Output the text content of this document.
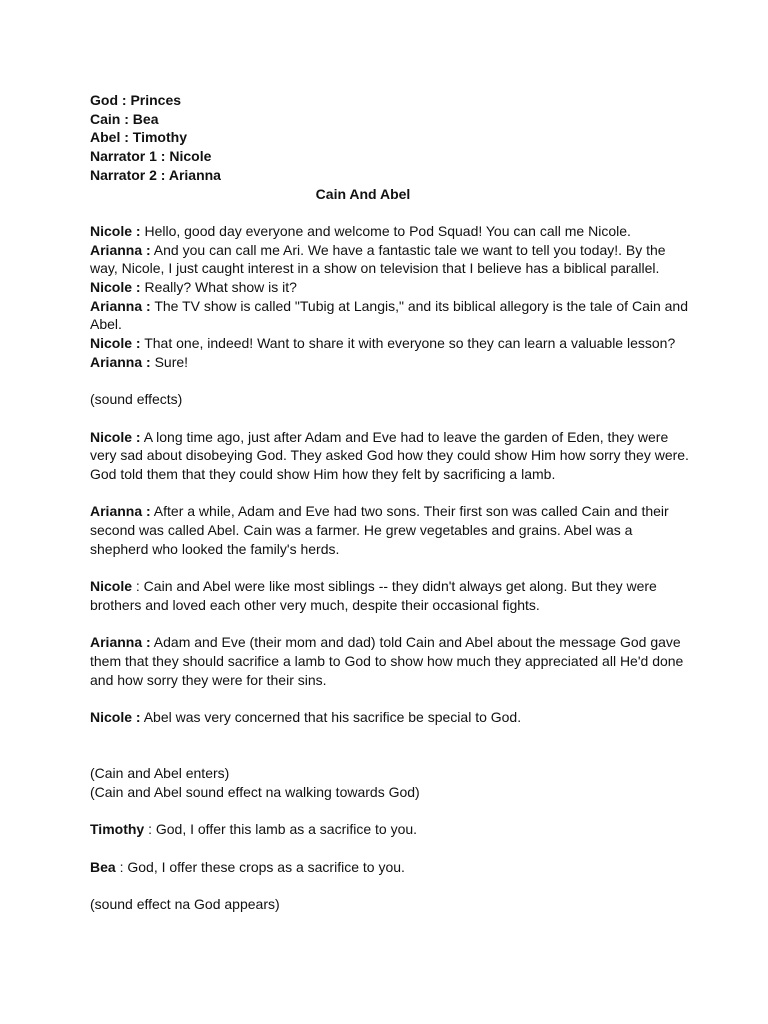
God : Princes
Cain : Bea
Abel : Timothy
Narrator 1 : Nicole
Narrator 2 : Arianna
Cain And Abel
Nicole : Hello, good day everyone and welcome to Pod Squad! You can call me Nicole.
Arianna : And you can call me Ari. We have a fantastic tale we want to tell you today!. By the way, Nicole, I just caught interest in a show on television that I believe has a biblical parallel.
Nicole : Really? What show is it?
Arianna : The TV show is called "Tubig at Langis," and its biblical allegory is the tale of Cain and Abel.
Nicole : That one, indeed! Want to share it with everyone so they can learn a valuable lesson?
Arianna : Sure!
(sound effects)
Nicole : A long time ago, just after Adam and Eve had to leave the garden of Eden, they were very sad about disobeying God. They asked God how they could show Him how sorry they were. God told them that they could show Him how they felt by sacrificing a lamb.
Arianna : After a while, Adam and Eve had two sons. Their first son was called Cain and their second was called Abel. Cain was a farmer. He grew vegetables and grains. Abel was a shepherd who looked the family's herds.
Nicole : Cain and Abel were like most siblings -- they didn't always get along. But they were brothers and loved each other very much, despite their occasional fights.
Arianna : Adam and Eve (their mom and dad) told Cain and Abel about the message God gave them that they should sacrifice a lamb to God to show how much they appreciated all He'd done and how sorry they were for their sins.
Nicole : Abel was very concerned that his sacrifice be special to God.
(Cain and Abel enters)
(Cain and Abel sound effect na walking towards God)
Timothy : God, I offer this lamb as a sacrifice to you.
Bea : God, I offer these crops as a sacrifice to you.
(sound effect na God appears)
